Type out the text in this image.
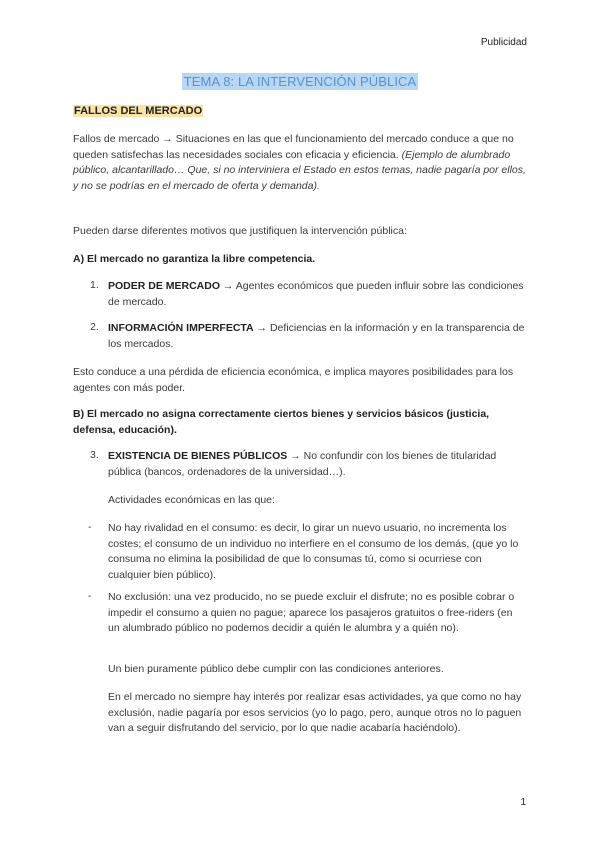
Publicidad
TEMA 8: LA INTERVENCIÓN PÚBLICA
FALLOS DEL MERCADO
Fallos de mercado → Situaciones en las que el funcionamiento del mercado conduce a que no queden satisfechas las necesidades sociales con eficacia y eficiencia. (Ejemplo de alumbrado público, alcantarillado… Que, si no interviniera el Estado en estos temas, nadie pagaría por ellos, y no se podrías en el mercado de oferta y demanda).
Pueden darse diferentes motivos que justifiquen la intervención pública:
A) El mercado no garantiza la libre competencia.
1. PODER DE MERCADO → Agentes económicos que pueden influir sobre las condiciones de mercado.
2. INFORMACIÓN IMPERFECTA → Deficiencias en la información y en la transparencia de los mercados.
Esto conduce a una pérdida de eficiencia económica, e implica mayores posibilidades para los agentes con más poder.
B) El mercado no asigna correctamente ciertos bienes y servicios básicos (justicia, defensa, educación).
3. EXISTENCIA DE BIENES PÚBLICOS → No confundir con los bienes de titularidad pública (bancos, ordenadores de la universidad…).
Actividades económicas en las que:
- No hay rivalidad en el consumo: es decir, lo girar un nuevo usuario, no incrementa los costes; el consumo de un individuo no interfiere en el consumo de los demás, (que yo lo consuma no elimina la posibilidad de que lo consumas tú, como si ocurriese con cualquier bien público).
- No exclusión: una vez producido, no se puede excluir el disfrute; no es posible cobrar o impedir el consumo a quien no pague; aparece los pasajeros gratuitos o free-riders (en un alumbrado público no podemos decidir a quién le alumbra y a quién no).
Un bien puramente público debe cumplir con las condiciones anteriores.
En el mercado no siempre hay interés por realizar esas actividades, ya que como no hay exclusión, nadie pagaría por esos servicios (yo lo pago, pero, aunque otros no lo paguen van a seguir disfrutando del servicio, por lo que nadie acabaría haciéndolo).
1
